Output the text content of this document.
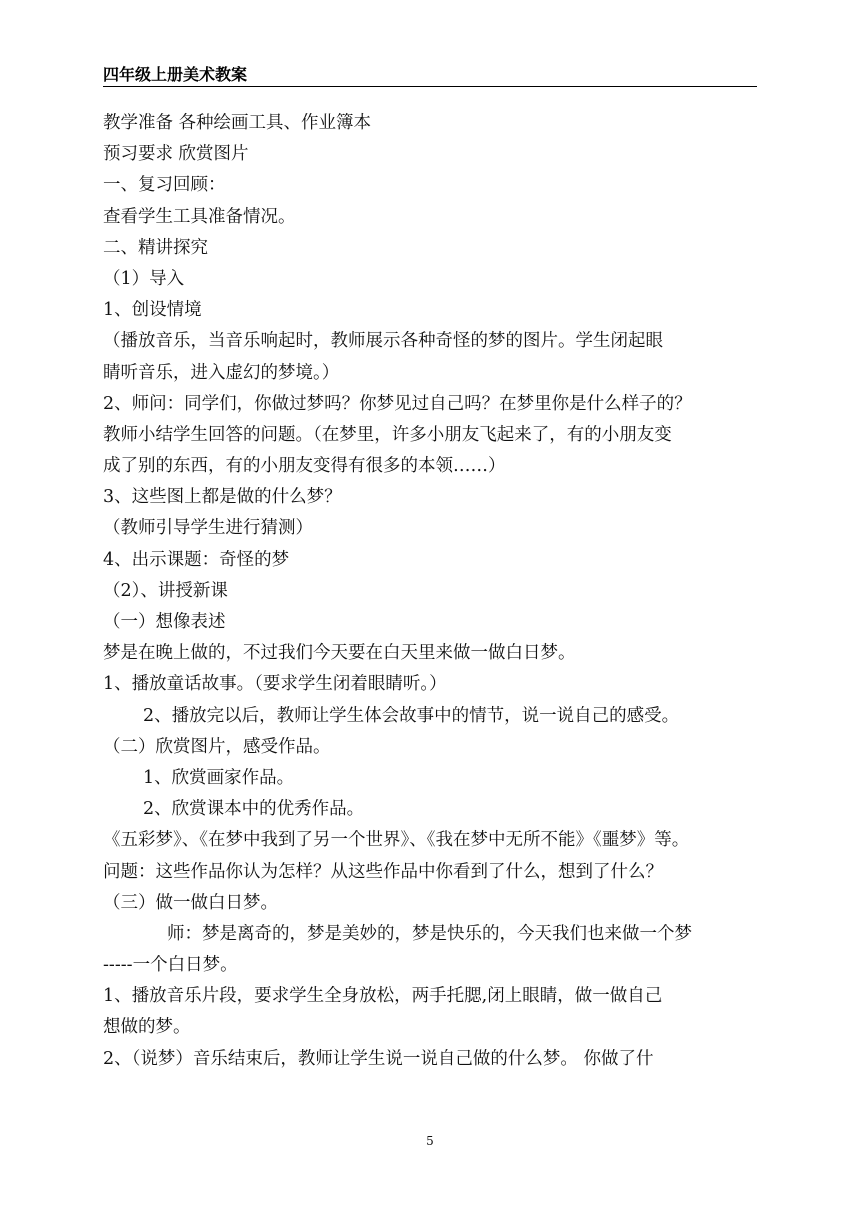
四年级上册美术教案
教学准备 各种绘画工具、作业簿本
预习要求 欣赏图片
一、复习回顾：
查看学生工具准备情况。
二、精讲探究
（1）导入
1、创设情境
（播放音乐，当音乐响起时，教师展示各种奇怪的梦的图片。学生闭起眼
睛听音乐，进入虚幻的梦境。）
2、师问：同学们，你做过梦吗？你梦见过自己吗？在梦里你是什么样子的？
教师小结学生回答的问题。（在梦里，许多小朋友飞起来了，有的小朋友变
成了别的东西，有的小朋友变得有很多的本领……）
3、这些图上都是做的什么梦？
（教师引导学生进行猜测）
4、出示课题：奇怪的梦
（2）、讲授新课
（一）想像表述
梦是在晚上做的，不过我们今天要在白天里来做一做白日梦。
1、播放童话故事。（要求学生闭着眼睛听。）
2、播放完以后，教师让学生体会故事中的情节，说一说自己的感受。
（二）欣赏图片，感受作品。
1、欣赏画家作品。
2、欣赏课本中的优秀作品。
《五彩梦》、《在梦中我到了另一个世界》、《我在梦中无所不能》《噩梦》等。
问题：这些作品你认为怎样？从这些作品中你看到了什么，想到了什么？
（三）做一做白日梦。
师：梦是离奇的，梦是美妙的，梦是快乐的，今天我们也来做一个梦
-----一个白日梦。
1、播放音乐片段，要求学生全身放松，两手托腮,闭上眼睛，做一做自己
想做的梦。
2、（说梦）音乐结束后，教师让学生说一说自己做的什么梦。 你做了什
5
